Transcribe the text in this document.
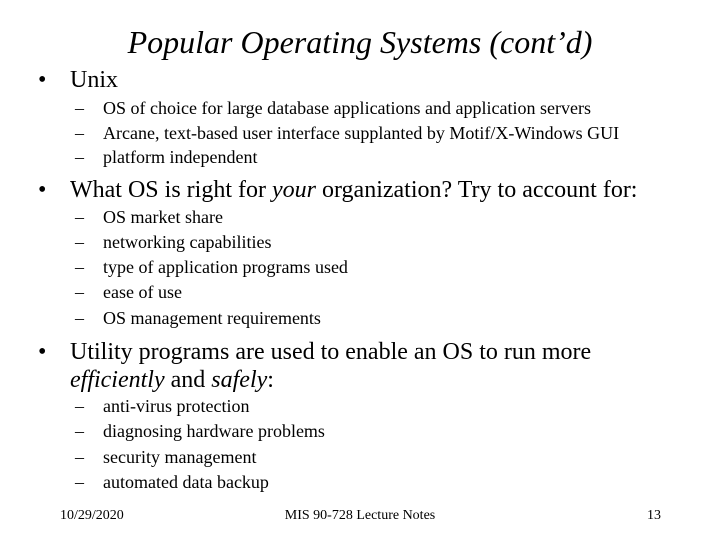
Popular Operating Systems (cont’d)
• Unix
– OS of choice for large database applications and application servers
– Arcane, text-based user interface supplanted by Motif/X-Windows GUI
– platform independent
• What OS is right for your organization? Try to account for:
– OS market share
– networking capabilities
– type of application programs used
– ease of use
– OS management requirements
• Utility programs are used to enable an OS to run more
efficiently and safely:
– anti-virus protection
– diagnosing hardware problems
– security management
– automated data backup
10/29/2020	MIS 90-728 Lecture Notes	13
